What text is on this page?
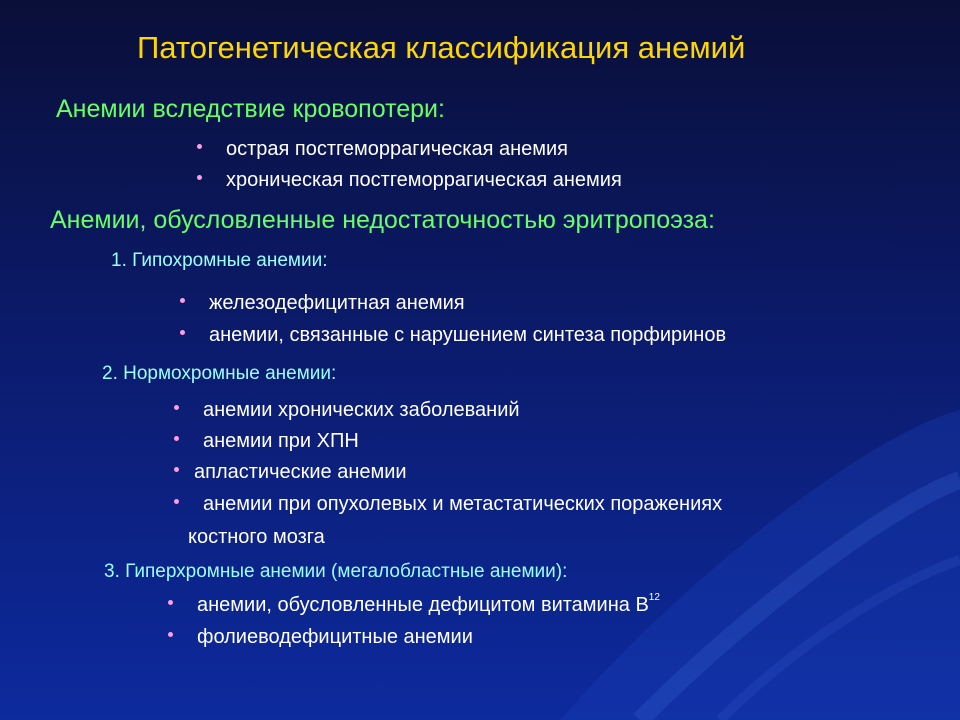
Патогенетическая классификация анемий
Анемии вследствие кровопотери:
острая постгеморрагическая анемия
хроническая постгеморрагическая анемия
Анемии, обусловленные недостаточностью эритропоэза:
1. Гипохромные анемии:
железодефицитная анемия
анемии, связанные с нарушением синтеза порфиринов
2. Нормохромные анемии:
анемии хронических заболеваний
анемии при ХПН
апластические анемии
анемии при опухолевых и метастатических поражениях
костного мозга
3. Гиперхромные анемии (мегалобластные анемии):
анемии, обусловленные дефицитом витамина $В^{12}$
фолиеводефицитные анемии
